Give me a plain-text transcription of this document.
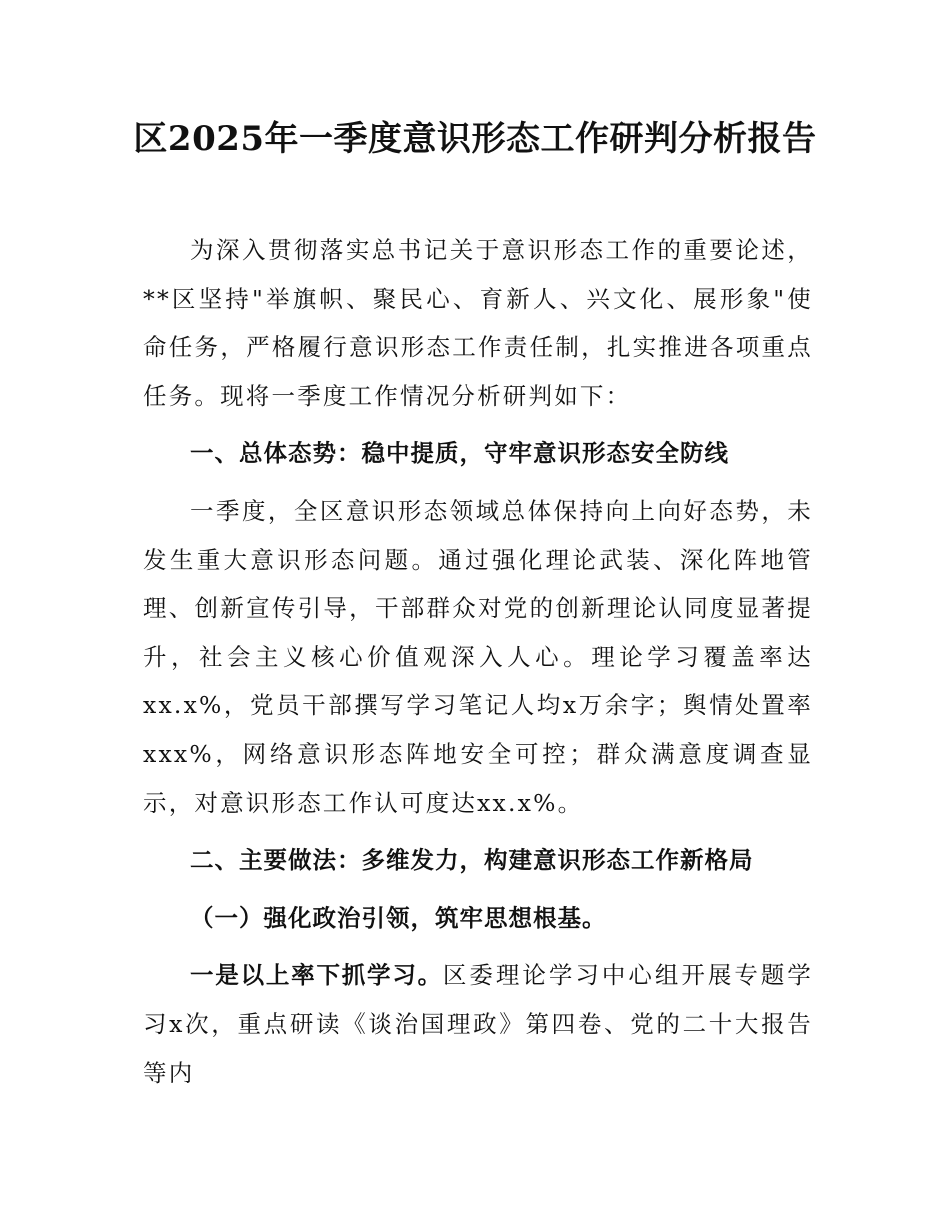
区2025年一季度意识形态工作研判分析报告

为深入贯彻落实总书记关于意识形态工作的重要论述，**区坚持"举旗帜、聚民心、育新人、兴文化、展形象"使命任务，严格履行意识形态工作责任制，扎实推进各项重点任务。现将一季度工作情况分析研判如下：

一、总体态势：稳中提质，守牢意识形态安全防线

一季度，全区意识形态领域总体保持向上向好态势，未发生重大意识形态问题。通过强化理论武装、深化阵地管理、创新宣传引导，干部群众对党的创新理论认同度显著提升，社会主义核心价值观深入人心。理论学习覆盖率达xx.x%，党员干部撰写学习笔记人均x万余字；舆情处置率xxx%，网络意识形态阵地安全可控；群众满意度调查显示，对意识形态工作认可度达xx.x%。

二、主要做法：多维发力，构建意识形态工作新格局

（一）强化政治引领，筑牢思想根基。

一是以上率下抓学习。区委理论学习中心组开展专题学习x次，重点研读《谈治国理政》第四卷、党的二十大报告等内
